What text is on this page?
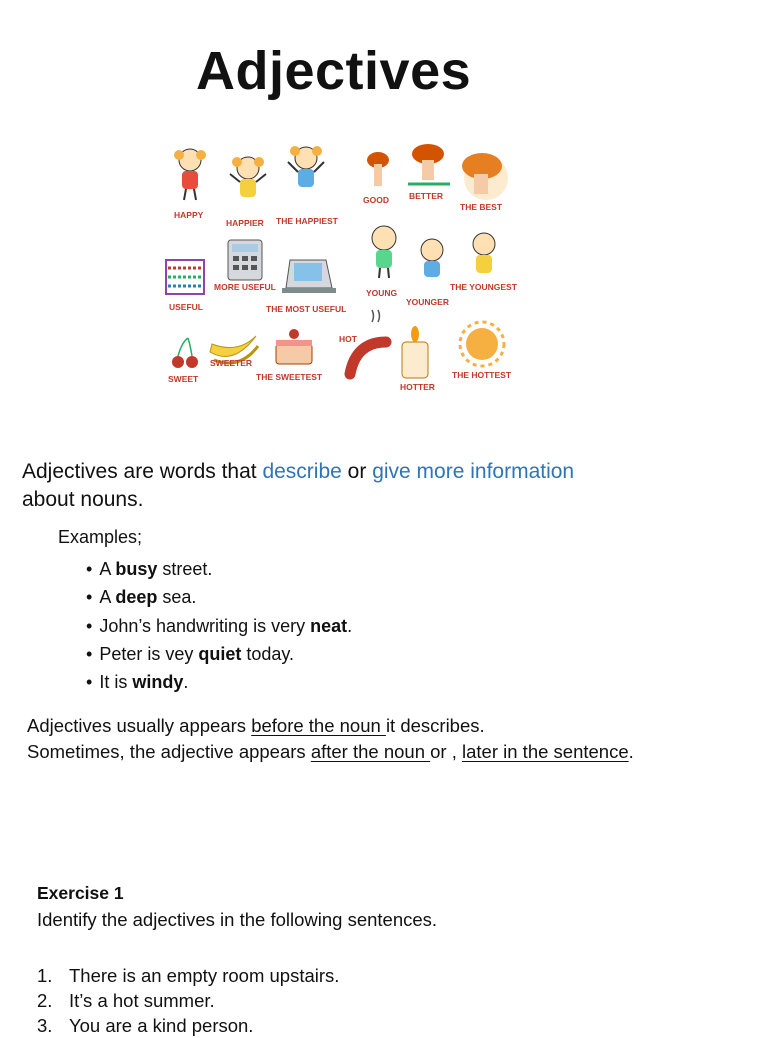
Adjectives
HAPPY
HAPPIER THE HAPPIEST
GOOD BETTER
THE BEST
USEFUL
MORE USEFUL
THE MOST USEFUL
YOUNG
YOUNGER
THE YOUNGEST
SWEET
SWEETER
THE SWEETEST
HOT
HOTTER
THE HOTTEST
Adjectives are words that describe or give more information
about nouns.
Examples;
• A busy street.
• A deep sea.
• John’s handwriting is very neat.
• Peter is vey quiet today.
• It is windy.
Adjectives usually appears before the noun it describes.
Sometimes, the adjective appears after the noun or , later in the sentence.
Exercise 1
Identify the adjectives in the following sentences.
1. There is an empty room upstairs.
2. It’s a hot summer.
3. You are a kind person.
